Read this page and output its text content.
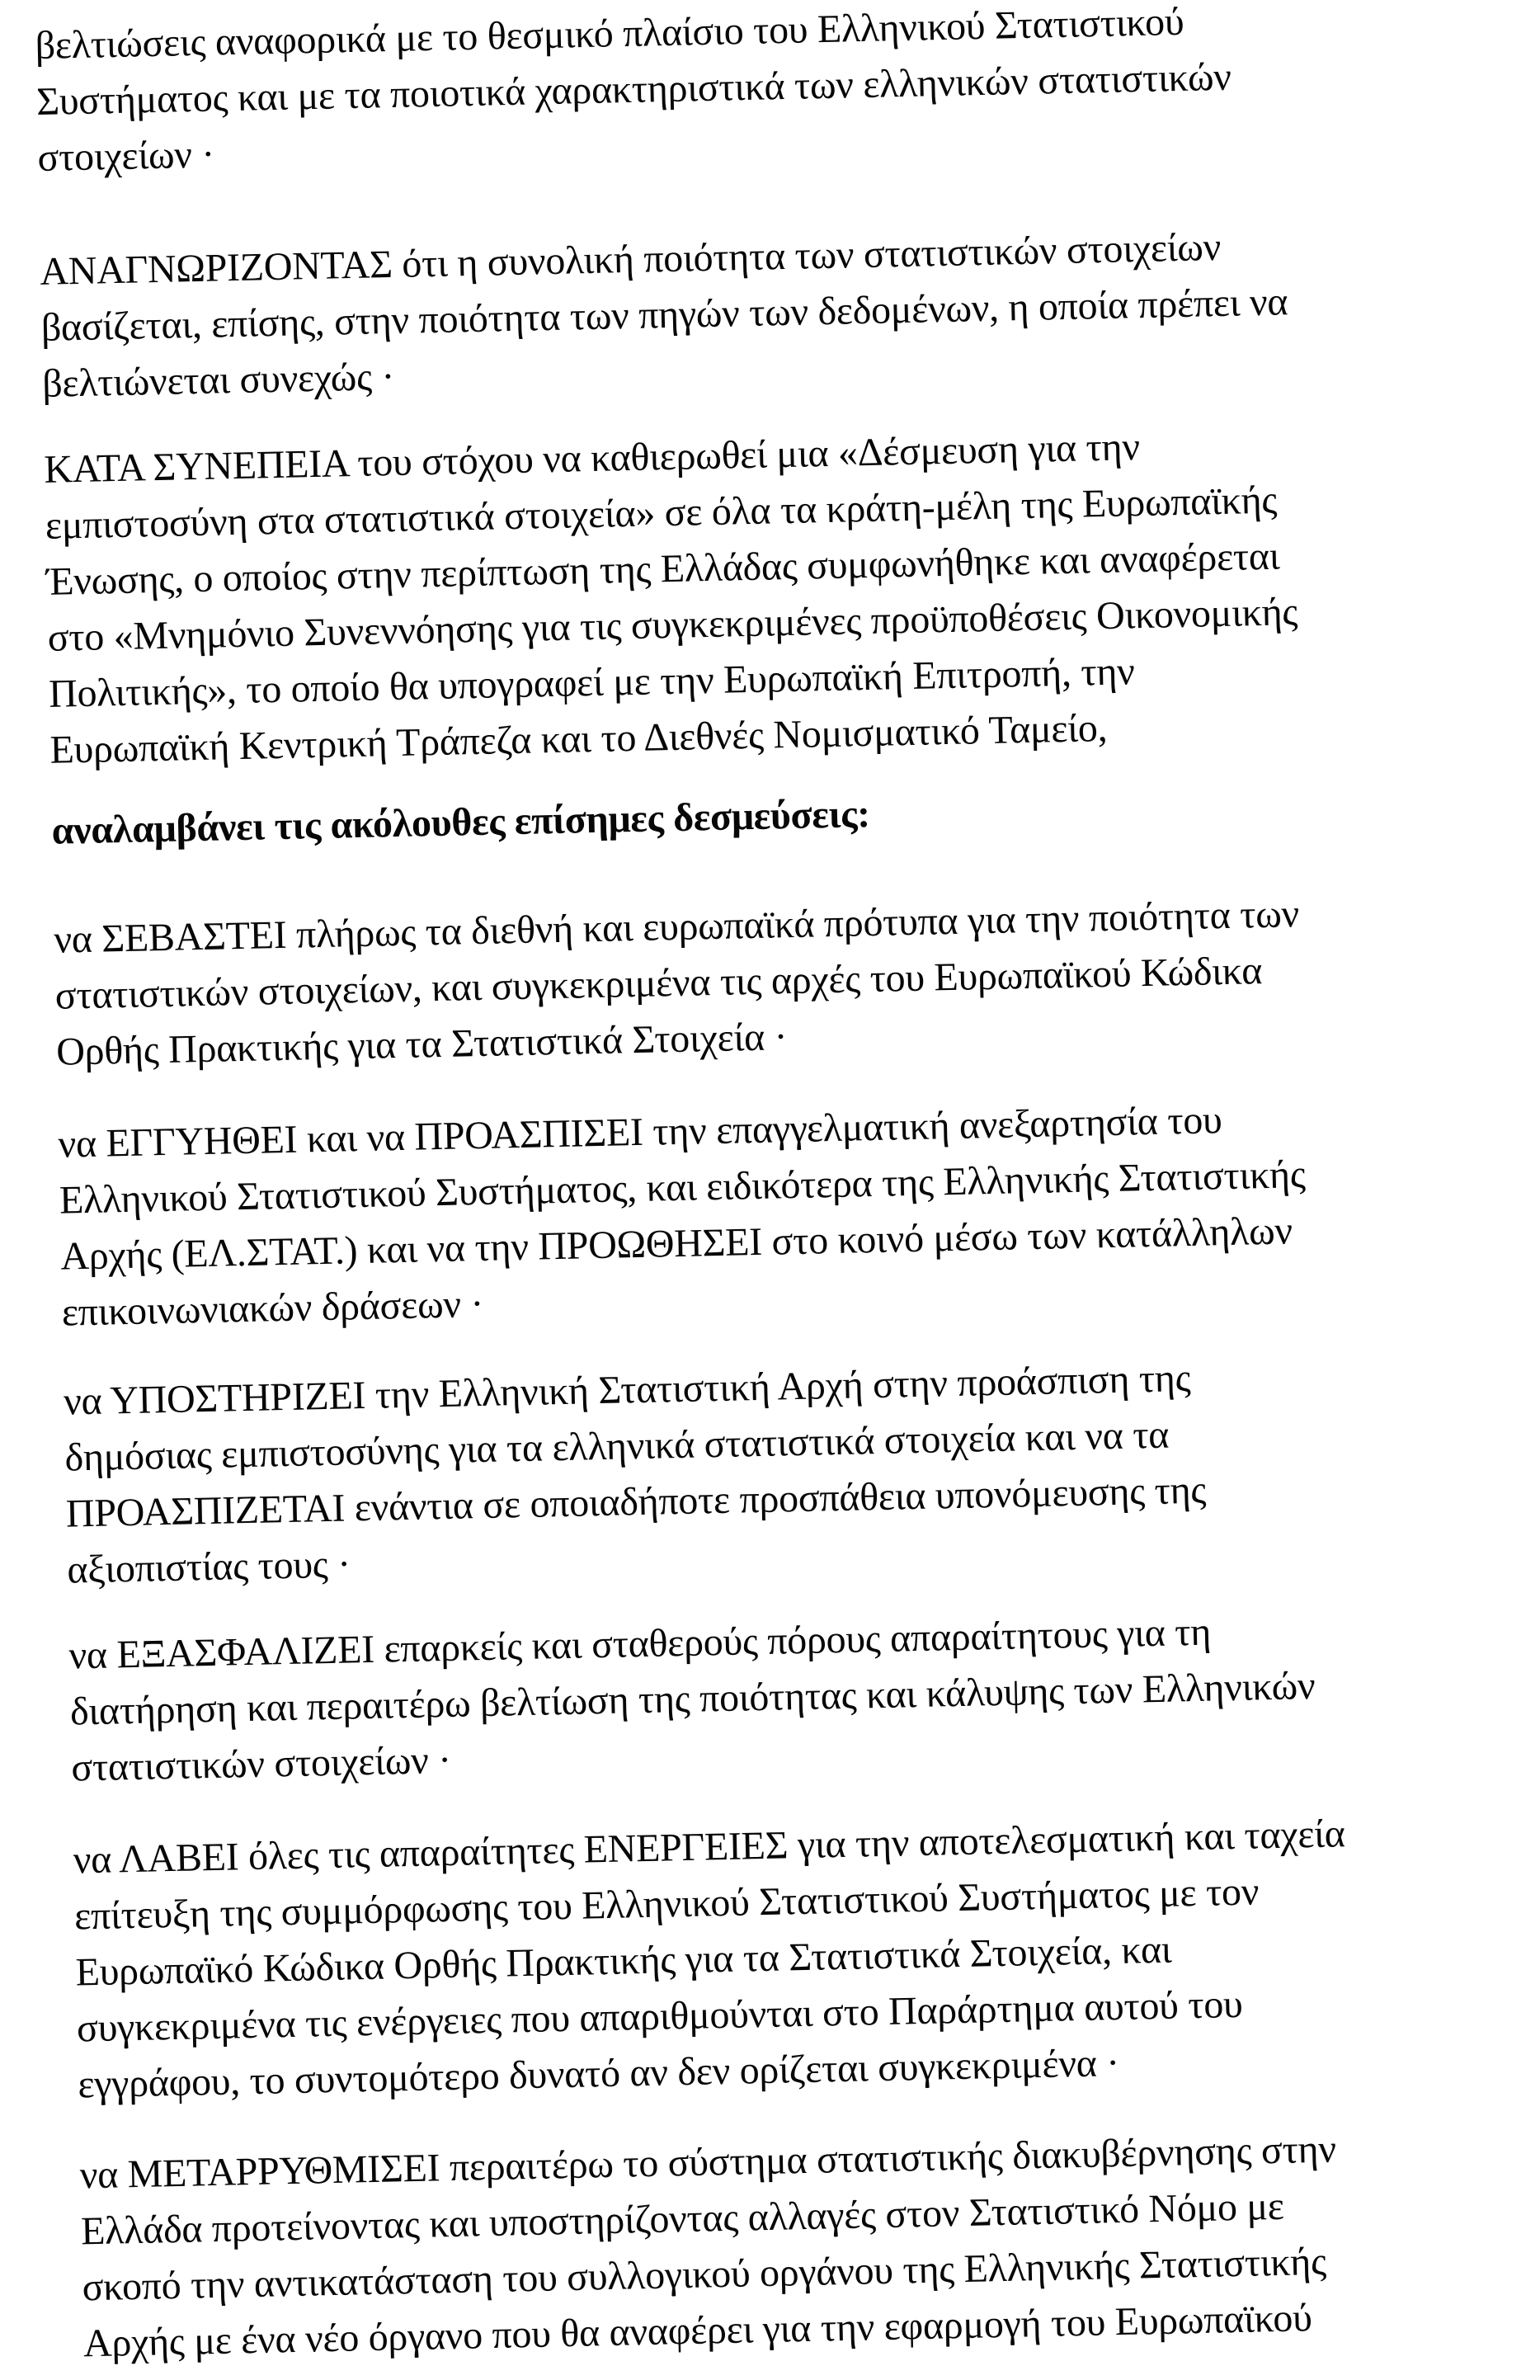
βελτιώσεις αναφορικά με το θεσμικό πλαίσιο του Ελληνικού Στατιστικού
Συστήματος και με τα ποιοτικά χαρακτηριστικά των ελληνικών στατιστικών
στοιχείων ·
ΑΝΑΓΝΩΡΙΖΟΝΤΑΣ ότι η συνολική ποιότητα των στατιστικών στοιχείων
βασίζεται, επίσης, στην ποιότητα των πηγών των δεδομένων, η οποία πρέπει να
βελτιώνεται συνεχώς ·
ΚΑΤΑ ΣΥΝΕΠΕΙΑ του στόχου να καθιερωθεί μια «Δέσμευση για την
εμπιστοσύνη στα στατιστικά στοιχεία» σε όλα τα κράτη-μέλη της Ευρωπαϊκής
Ένωσης, ο οποίος στην περίπτωση της Ελλάδας συμφωνήθηκε και αναφέρεται
στο «Μνημόνιο Συνεννόησης για τις συγκεκριμένες προϋποθέσεις Οικονομικής
Πολιτικής», το οποίο θα υπογραφεί με την Ευρωπαϊκή Επιτροπή, την
Ευρωπαϊκή Κεντρική Τράπεζα και το Διεθνές Νομισματικό Ταμείο,
αναλαμβάνει τις ακόλουθες επίσημες δεσμεύσεις:
να ΣΕΒΑΣΤΕΙ πλήρως τα διεθνή και ευρωπαϊκά πρότυπα για την ποιότητα των
στατιστικών στοιχείων, και συγκεκριμένα τις αρχές του Ευρωπαϊκού Κώδικα
Ορθής Πρακτικής για τα Στατιστικά Στοιχεία ·
να ΕΓΓΥΗΘΕΙ και να ΠΡΟΑΣΠΙΣΕΙ την επαγγελματική ανεξαρτησία του
Ελληνικού Στατιστικού Συστήματος, και ειδικότερα της Ελληνικής Στατιστικής
Αρχής (ΕΛ.ΣΤΑΤ.) και να την ΠΡΟΩΘΗΣΕΙ στο κοινό μέσω των κατάλληλων
επικοινωνιακών δράσεων ·
να ΥΠΟΣΤΗΡΙΖΕΙ την Ελληνική Στατιστική Αρχή στην προάσπιση της
δημόσιας εμπιστοσύνης για τα ελληνικά στατιστικά στοιχεία και να τα
ΠΡΟΑΣΠΙΖΕΤΑΙ ενάντια σε οποιαδήποτε προσπάθεια υπονόμευσης της
αξιοπιστίας τους ·
να ΕΞΑΣΦΑΛΙΖΕΙ επαρκείς και σταθερούς πόρους απαραίτητους για τη
διατήρηση και περαιτέρω βελτίωση της ποιότητας και κάλυψης των Ελληνικών
στατιστικών στοιχείων ·
να ΛΑΒΕΙ όλες τις απαραίτητες ΕΝΕΡΓΕΙΕΣ για την αποτελεσματική και ταχεία
επίτευξη της συμμόρφωσης του Ελληνικού Στατιστικού Συστήματος με τον
Ευρωπαϊκό Κώδικα Ορθής Πρακτικής για τα Στατιστικά Στοιχεία, και
συγκεκριμένα τις ενέργειες που απαριθμούνται στο Παράρτημα αυτού του
εγγράφου, το συντομότερο δυνατό αν δεν ορίζεται συγκεκριμένα ·
να ΜΕΤΑΡΡΥΘΜΙΣΕΙ περαιτέρω το σύστημα στατιστικής διακυβέρνησης στην
Ελλάδα προτείνοντας και υποστηρίζοντας αλλαγές στον Στατιστικό Νόμο με
σκοπό την αντικατάσταση του συλλογικού οργάνου της Ελληνικής Στατιστικής
Αρχής με ένα νέο όργανο που θα αναφέρει για την εφαρμογή του Ευρωπαϊκού
